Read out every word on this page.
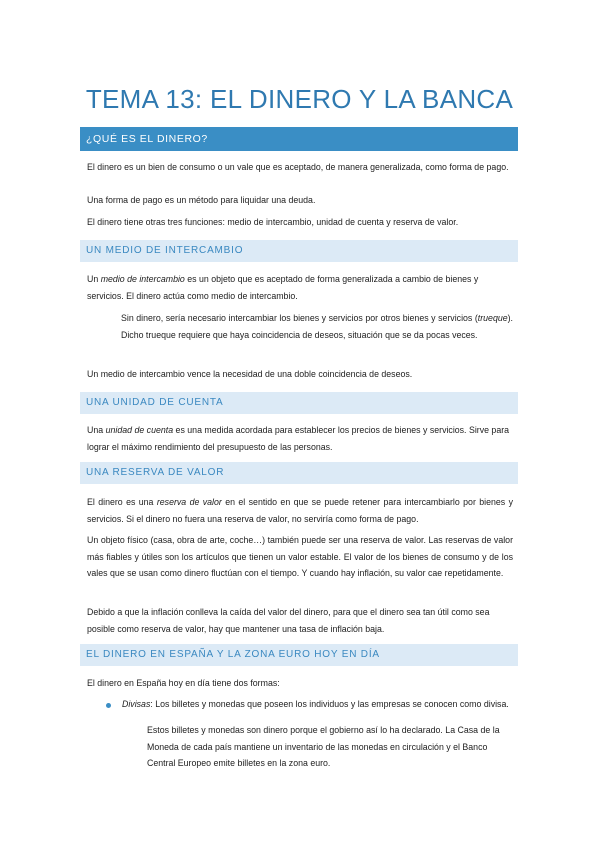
TEMA 13: EL DINERO Y LA BANCA
¿QUÉ ES EL DINERO?
El dinero es un bien de consumo o un vale que es aceptado, de manera generalizada, como forma de pago.
Una forma de pago es un método para liquidar una deuda.
El dinero tiene otras tres funciones: medio de intercambio, unidad de cuenta y reserva de valor.
UN MEDIO DE INTERCAMBIO
Un medio de intercambio es un objeto que es aceptado de forma generalizada a cambio de bienes y servicios. El dinero actúa como medio de intercambio.
Sin dinero, sería necesario intercambiar los bienes y servicios por otros bienes y servicios (trueque). Dicho trueque requiere que haya coincidencia de deseos, situación que se da pocas veces.
Un medio de intercambio vence la necesidad de una doble coincidencia de deseos.
UNA UNIDAD DE CUENTA
Una unidad de cuenta es una medida acordada para establecer los precios de bienes y servicios. Sirve para lograr el máximo rendimiento del presupuesto de las personas.
UNA RESERVA DE VALOR
El dinero es una reserva de valor en el sentido en que se puede retener para intercambiarlo por bienes y servicios. Si el dinero no fuera una reserva de valor, no serviría como forma de pago.
Un objeto físico (casa, obra de arte, coche…) también puede ser una reserva de valor. Las reservas de valor más fiables y útiles son los artículos que tienen un valor estable. El valor de los bienes de consumo y de los vales que se usan como dinero fluctúan con el tiempo. Y cuando hay inflación, su valor cae repetidamente.
Debido a que la inflación conlleva la caída del valor del dinero, para que el dinero sea tan útil como sea posible como reserva de valor, hay que mantener una tasa de inflación baja.
EL DINERO EN ESPAÑA Y LA ZONA EURO HOY EN DÍA
El dinero en España hoy en día tiene dos formas:
Divisas: Los billetes y monedas que poseen los individuos y las empresas se conocen como divisa.
Estos billetes y monedas son dinero porque el gobierno así lo ha declarado. La Casa de la Moneda de cada país mantiene un inventario de las monedas en circulación y el Banco Central Europeo emite billetes en la zona euro.
